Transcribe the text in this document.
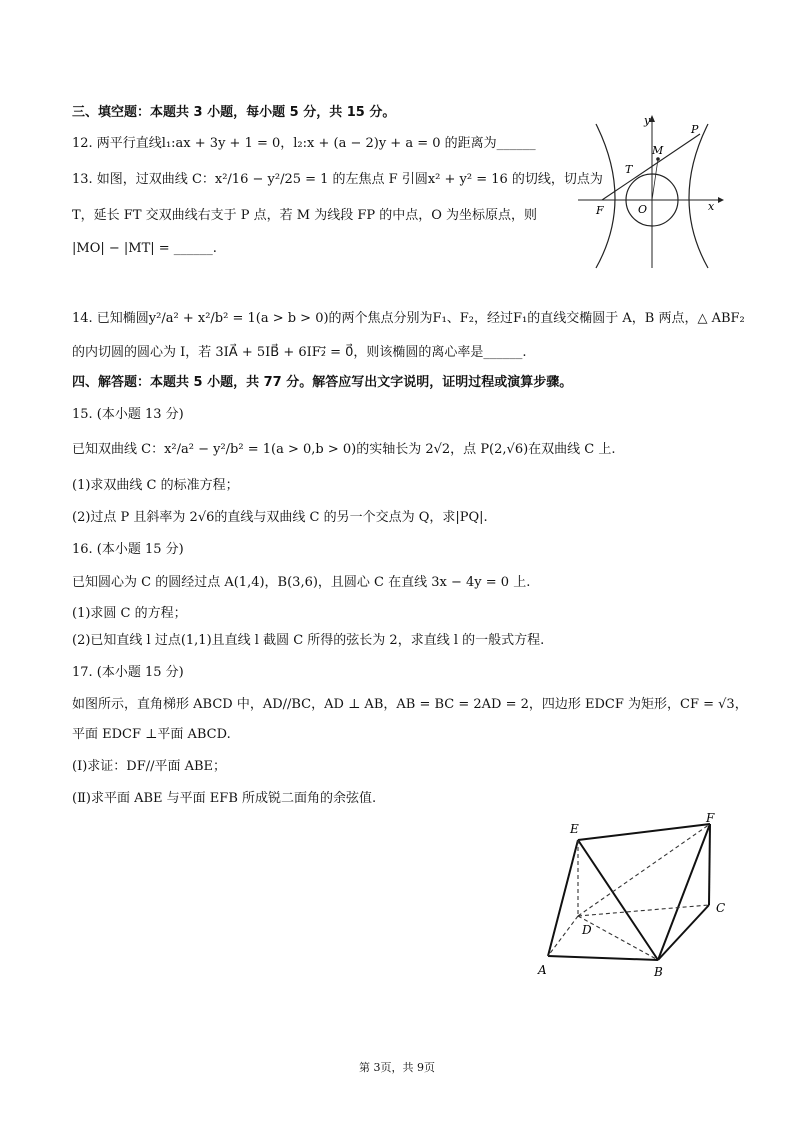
三、填空题：本题共 3 小题，每小题 5 分，共 15 分。
12. 两平行直线l₁:ax + 3y + 1 = 0，l₂:x + (a − 2)y + a = 0 的距离为______
13. 如图，过双曲线 C：x²/16 − y²/25 = 1 的左焦点 F 引圆x² + y² = 16 的切线，切点为
T，延长 FT 交双曲线右支于 P 点，若 M 为线段 FP 的中点，O 为坐标原点，则
|MO| − |MT| = ______.
y
x
P
M
T
F	O
14. 已知椭圆y²/a² + x²/b² = 1(a > b > 0)的两个焦点分别为F₁、F₂，经过F₁的直线交椭圆于 A，B 两点，△ ABF₂
的内切圆的圆心为 I，若 3IA⃗ + 5IB⃗ + 6IF₂⃗ = 0⃗，则该椭圆的离心率是______.
四、解答题：本题共 5 小题，共 77 分。解答应写出文字说明，证明过程或演算步骤。
15. (本小题 13 分)
已知双曲线 C：x²/a² − y²/b² = 1(a > 0,b > 0)的实轴长为 2√2，点 P(2,√6)在双曲线 C 上.
(1)求双曲线 C 的标准方程；
(2)过点 P 且斜率为 2√6的直线与双曲线 C 的另一个交点为 Q，求|PQ|.
16. (本小题 15 分)
已知圆心为 C 的圆经过点 A(1,4)，B(3,6)，且圆心 C 在直线 3x − 4y = 0 上.
(1)求圆 C 的方程；
(2)已知直线 l 过点(1,1)且直线 l 截圆 C 所得的弦长为 2，求直线 l 的一般式方程.
17. (本小题 15 分)
如图所示，直角梯形 ABCD 中，AD//BC，AD ⊥ AB，AB = BC = 2AD = 2，四边形 EDCF 为矩形，CF = √3，
平面 EDCF ⊥平面 ABCD.
(Ⅰ)求证：DF//平面 ABE；
(Ⅱ)求平面 ABE 与平面 EFB 所成锐二面角的余弦值.
E
F
C
D
A	B
第 3页，共 9页
